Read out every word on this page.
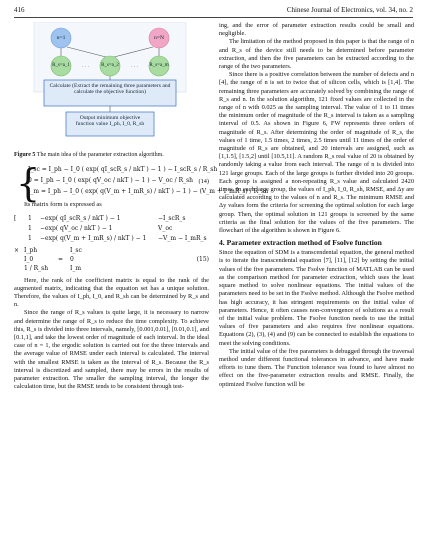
416	Chinese Journal of Electronics, vol. 34, no. 2
· · ·	· · ·
n=1	n=N
R_s=a_1	R_s=a_2	R_s=a_m
Calculate (Extract the remaining three parameters and calculate the objective function)
Output minimum objective function value I_ph, I_0, R_sh
Figure 5 The main idea of the parameter extraction algorithm.
{
I_sc = I_ph − I_0 ( exp( qI_scR_s / nkT ) − 1 ) − I_scR_s / R_sh
0 = I_ph − I_0 ( exp( qV_oc / nkT ) − 1 ) − V_oc / R_sh
I_m = I_ph − I_0 ( exp( q(V_m + I_mR_s) / nkT ) − 1 ) − (V_m + I_mR_s) / R_sh
(14)

Its matrix form is expressed as

[	1	−exp( qI_scR_s / nkT ) − 1	−I_scR_s
1	−exp( qV_oc / nkT ) − 1	V_oc
1	−exp( q(V_m + I_mR_s) / nkT ) − 1	−V_m − I_mR_s
× I_ph
I_0
1 / R_sh
=
I_sc
0
I_m
(15)

Here, the rank of the coefficient matrix is equal to the rank of the augmented matrix, indicating that the equation set has a unique solution. Therefore, the values of I_ph, I_0, and R_sh can be determined by R_s and n.

Since the range of R_s values is quite large, it is necessary to narrow and determine the range of R_s to reduce the time complexity. To achieve this, R_s is divided into three intervals, namely, [0.001,0.01], [0.01,0.1], and [0.1,1], and take the lowest order of magnitude of each interval. In the ideal case of n = 1, the ergodic solution is carried out for the three intervals and the average value of RMSE under each interval is calculated. The interval with the smallest RMSE is taken as the interval of R_s. Because the R_s interval is discretized and sampled, there may be errors in the results of parameter extraction. The smaller the sampling interval, the longer the calculation time, but the RMSE tends to be consistent through test-

ing, and the error of parameter extraction results could be small and negligible.

The limitation of the method proposed in this paper is that the range of n and R_s of the device still needs to be determined before parameter extraction, and then the five parameters can be extracted according to the range of the two parameters.

Since there is a positive correlation between the number of defects and n [4], the range of n is set to twice that of silicon cells, which is [1,4]. The remaining three parameters are accurately solved by combining the range of R_s and n. In the solution algorithm, 121 fixed values are collected in the range of n with 0.025 as the sampling interval. The value of 1 to 11 times the minimum order of magnitude of the R_s interval is taken as a sampling interval of 0.5. As shown in Figure 6, FW represents three orders of magnitude of R_s. After determining the order of magnitude of R_s, the values of 1 time, 1.5 times, 2 times, 2.5 times until 11 times of the order of magnitude of R_s are obtained, and 20 intervals are assigned, such as [1,1.5], [1.5,2] until [10.5,11]. A random R_s real value of 20 is obtained by randomly taking a value from each interval. The range of n is divided into 121 large groups. Each of the large groups is further divided into 20 groups. Each group is assigned a non-repeating R_s value and calculated 2420 times. In each large group, the values of I_ph, I_0, R_sh, RMSE, and Δy are calculated according to the values of n and R_s. The minimum RMSE and Δy values form the criteria for screening the optimal solution for each large group. Then, the optimal solution in 121 groups is screened by the same criteria as the final solution for the values of the five parameters. The flowchart of the algorithm is shown in Figure 6.

4. Parameter extraction method of Fsolve function

Since the equation of SDM is a transcendental equation, the general method is to iterate the transcendental equation [7], [11], [12] by setting the initial values of the five parameters. The Fsolve function of MATLAB can be used as the comparison method for parameter extraction, which uses the least square method to solve nonlinear equations. The initial values of the parameters need to be set in the Fsolve method. Although the Fsolve method has high accuracy, it has stringent requirements on the initial value of parameters. Hence, it often causes non-convergence of solutions as a result of the initial value problem. The Fsolve function needs to use the initial values of five parameters and also requires five nonlinear equations. Equations (2), (3), (4) and (9) can be connected to establish the equations to meet the solving conditions.

The initial value of the five parameters is debugged through the traversal method under different functional tolerances in advance, and have made efforts to tune them. The Function tolerance was found to have almost no effect on the five-parameter extraction results and RMSE. Finally, the optimized Fsolve function will be
